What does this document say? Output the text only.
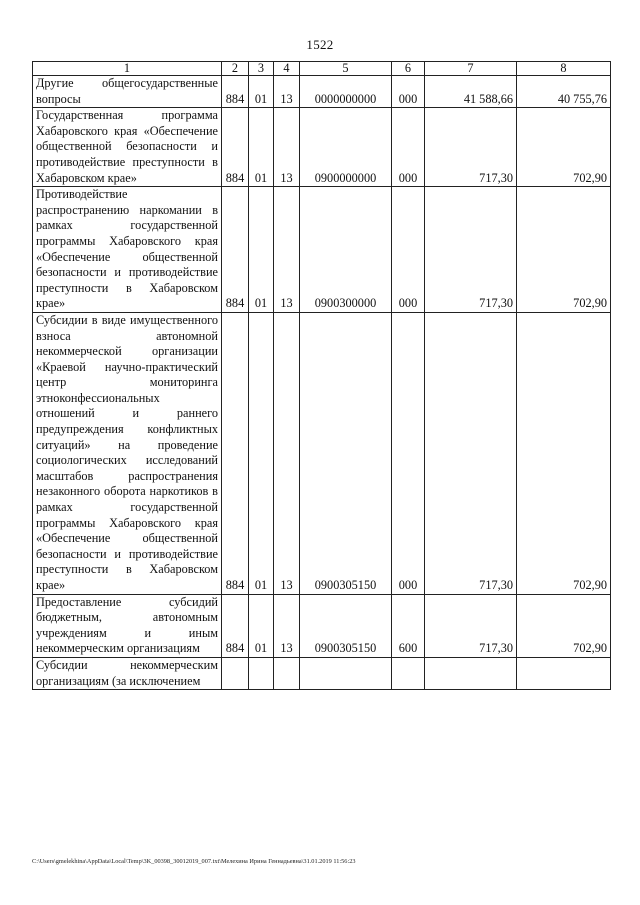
1522
1	2	3	4	5	6	7	8
Другие общегосударственные вопросы	884	01	13	0000000000	000	41 588,66	40 755,76
Государственная программа Хабаровского края «Обеспечение общественной безопасности и противодействие преступности в Хабаровском крае»	884	01	13	0900000000	000	717,30	702,90
Противодействие распространению наркомании в рамках государственной программы Хабаровского края «Обеспечение общественной безопасности и противодействие преступности в Хабаровском крае»	884	01	13	0900300000	000	717,30	702,90
Субсидии в виде имущественного взноса автономной некоммерческой организации «Краевой научно-практический центр мониторинга этноконфессиональных отношений и раннего предупреждения конфликтных ситуаций» на проведение социологических исследований масштабов распространения незаконного оборота наркотиков в рамках государственной программы Хабаровского края «Обеспечение общественной безопасности и противодействие преступности в Хабаровском крае»	884	01	13	0900305150	000	717,30	702,90
Предоставление субсидий бюджетным, автономным учреждениям и иным некоммерческим организациям	884	01	13	0900305150	600	717,30	702,90
Субсидии некоммерческим организациям (за исключением							
C:\Users\gmelekhina\AppData\Local\Temp\3K_00398_30012019_007.txt\Мелехина Ирина Геннадьевна\31.01.2019 11:56:23
